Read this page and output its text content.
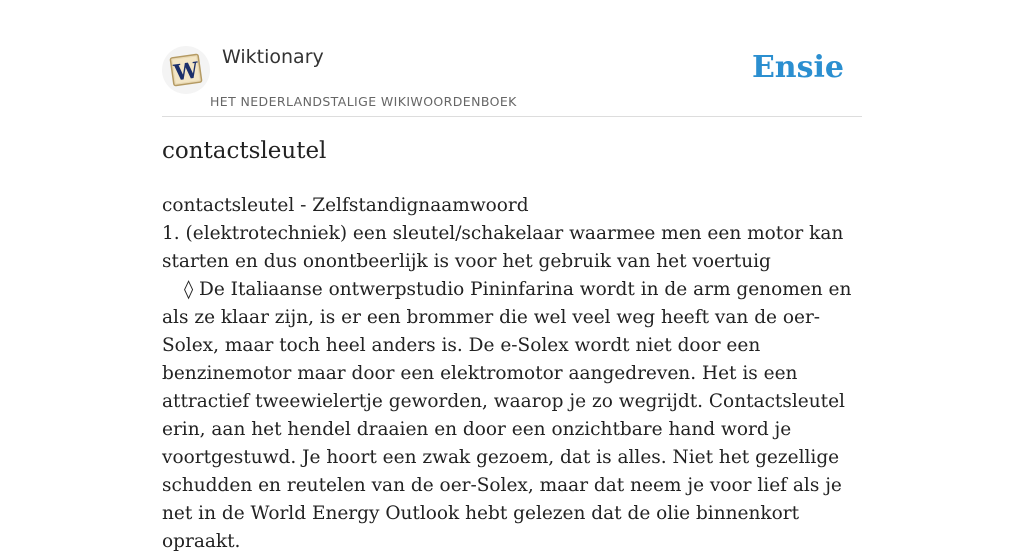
W
Wiktionary
HET NEDERLANDSTALIGE WIKIWOORDENBOEK
Ensie
contactsleutel

contactsleutel - Zelfstandignaamwoord

1. (elektrotechniek) een sleutel/schakelaar waarmee men een motor kan starten en dus onontbeerlijk is voor het gebruik van het voertuig

◊ De Italiaanse ontwerpstudio Pininfarina wordt in de arm genomen en als ze klaar zijn, is er een brommer die wel veel weg heeft van de oer-Solex, maar toch heel anders is. De e-Solex wordt niet door een benzinemotor maar door een elektromotor aangedreven. Het is een attractief tweewielertje geworden, waarop je zo wegrijdt. Contactsleutel erin, aan het hendel draaien en door een onzichtbare hand word je voortgestuwd. Je hoort een zwak gezoem, dat is alles. Niet het gezellige schudden en reutelen van de oer-Solex, maar dat neem je voor lief als je net in de World Energy Outlook hebt gelezen dat de olie binnenkort opraakt.
